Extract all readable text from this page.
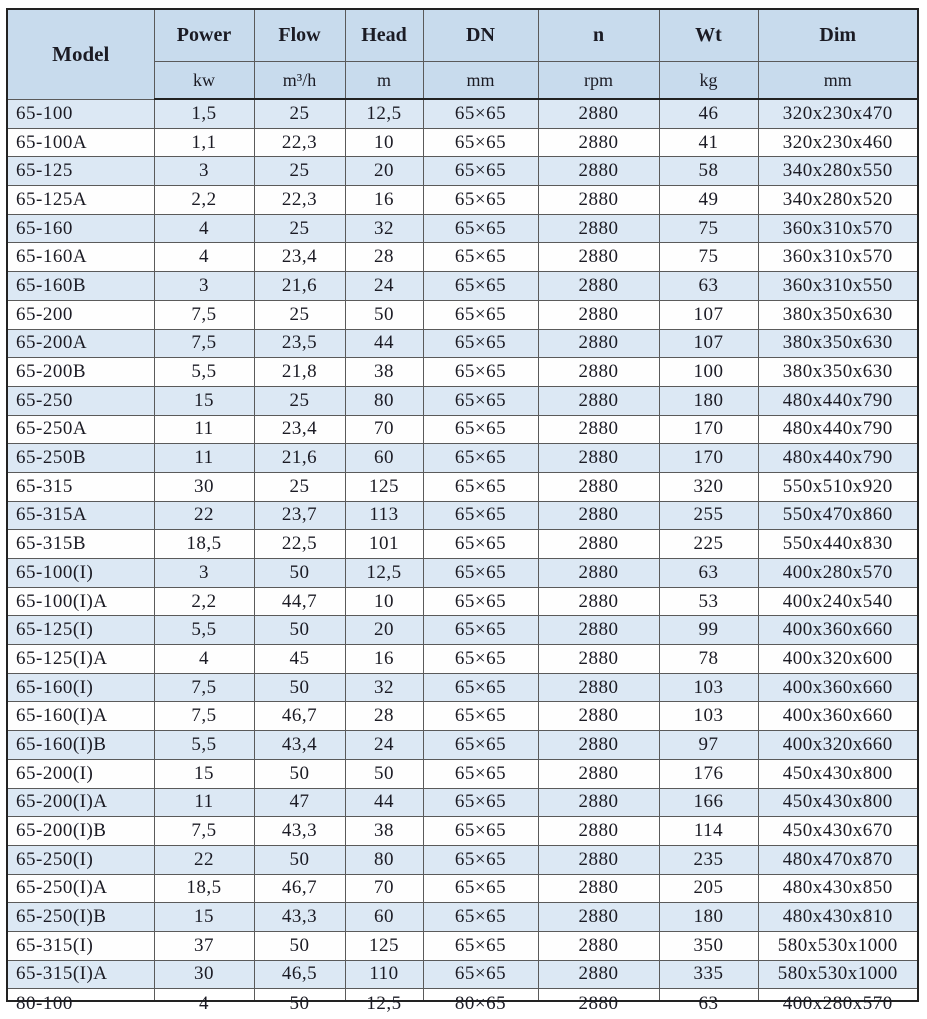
Model	Power	Flow	Head	DN	n	Wt	Dim
	kw	m³/h	m	mm	rpm	kg	mm
65-100	1,5	25	12,5	65×65	2880	46	320x230x470
65-100A	1,1	22,3	10	65×65	2880	41	320x230x460
65-125	3	25	20	65×65	2880	58	340x280x550
65-125A	2,2	22,3	16	65×65	2880	49	340x280x520
65-160	4	25	32	65×65	2880	75	360x310x570
65-160A	4	23,4	28	65×65	2880	75	360x310x570
65-160B	3	21,6	24	65×65	2880	63	360x310x550
65-200	7,5	25	50	65×65	2880	107	380x350x630
65-200A	7,5	23,5	44	65×65	2880	107	380x350x630
65-200B	5,5	21,8	38	65×65	2880	100	380x350x630
65-250	15	25	80	65×65	2880	180	480x440x790
65-250A	11	23,4	70	65×65	2880	170	480x440x790
65-250B	11	21,6	60	65×65	2880	170	480x440x790
65-315	30	25	125	65×65	2880	320	550x510x920
65-315A	22	23,7	113	65×65	2880	255	550x470x860
65-315B	18,5	22,5	101	65×65	2880	225	550x440x830
65-100(I)	3	50	12,5	65×65	2880	63	400x280x570
65-100(I)A	2,2	44,7	10	65×65	2880	53	400x240x540
65-125(I)	5,5	50	20	65×65	2880	99	400x360x660
65-125(I)A	4	45	16	65×65	2880	78	400x320x600
65-160(I)	7,5	50	32	65×65	2880	103	400x360x660
65-160(I)A	7,5	46,7	28	65×65	2880	103	400x360x660
65-160(I)B	5,5	43,4	24	65×65	2880	97	400x320x660
65-200(I)	15	50	50	65×65	2880	176	450x430x800
65-200(I)A	11	47	44	65×65	2880	166	450x430x800
65-200(I)B	7,5	43,3	38	65×65	2880	114	450x430x670
65-250(I)	22	50	80	65×65	2880	235	480x470x870
65-250(I)A	18,5	46,7	70	65×65	2880	205	480x430x850
65-250(I)B	15	43,3	60	65×65	2880	180	480x430x810
65-315(I)	37	50	125	65×65	2880	350	580x530x1000
65-315(I)A	30	46,5	110	65×65	2880	335	580x530x1000

80-100	4	50	12,5	80×65	2880	63	400x280x570
